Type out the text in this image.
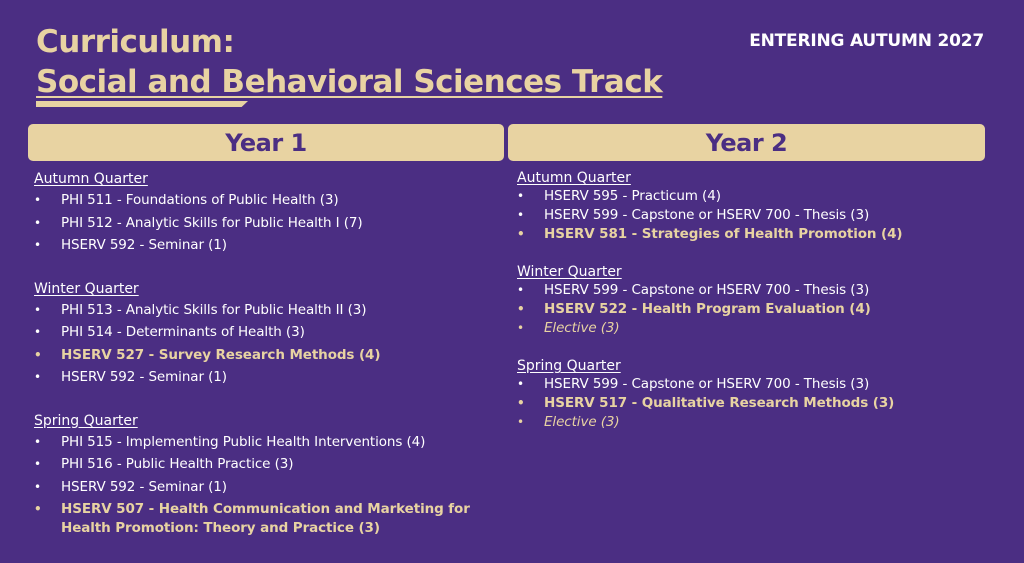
Curriculum:
Social and Behavioral Sciences Track
ENTERING AUTUMN 2027
Year 1	Year 2
Autumn Quarter
• PHI 511 - Foundations of Public Health (3)
• PHI 512 - Analytic Skills for Public Health I (7)
• HSERV 592 - Seminar (1)
Winter Quarter
• PHI 513 - Analytic Skills for Public Health II (3)
• PHI 514 - Determinants of Health (3)
• HSERV 527 - Survey Research Methods (4)
• HSERV 592 - Seminar (1)
Spring Quarter
• PHI 515 - Implementing Public Health Interventions (4)
• PHI 516 - Public Health Practice (3)
• HSERV 592 - Seminar (1)
• HSERV 507 - Health Communication and Marketing for Health Promotion: Theory and Practice (3)
Autumn Quarter
• HSERV 595 - Practicum (4)
• HSERV 599 - Capstone or HSERV 700 - Thesis (3)
• HSERV 581 - Strategies of Health Promotion (4)
Winter Quarter
• HSERV 599 - Capstone or HSERV 700 - Thesis (3)
• HSERV 522 - Health Program Evaluation (4)
• Elective (3)
Spring Quarter
• HSERV 599 - Capstone or HSERV 700 - Thesis (3)
• HSERV 517 - Qualitative Research Methods (3)
• Elective (3)
